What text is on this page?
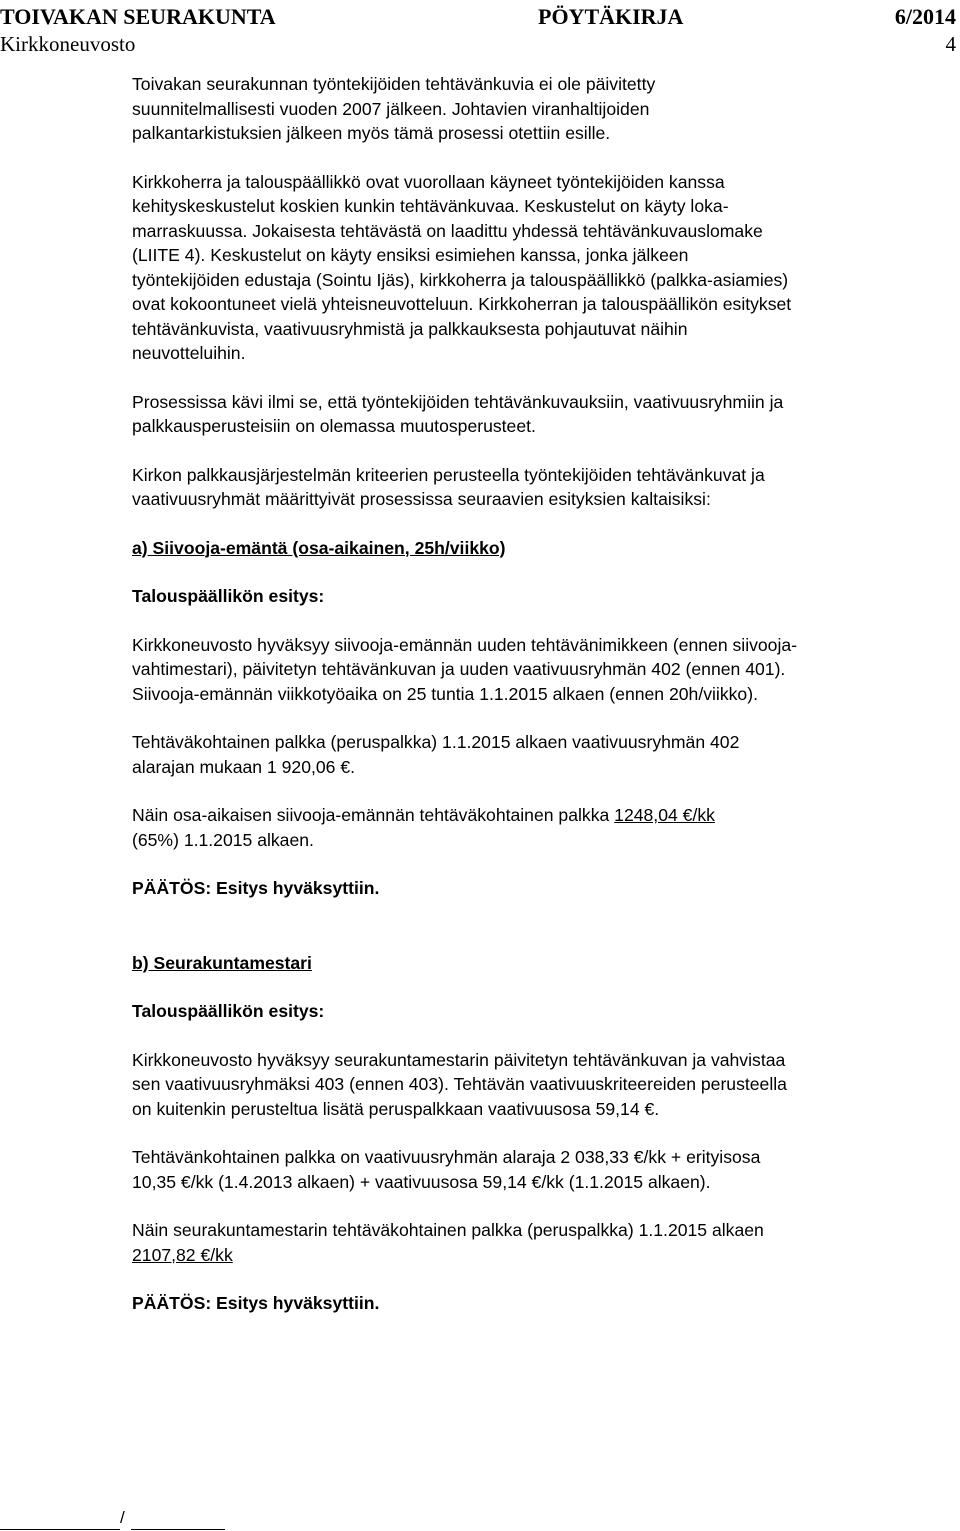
TOIVAKAN SEURAKUNTA	PÖYTÄKIRJA	6/2014
Kirkkoneuvosto	4

Toivakan seurakunnan työntekijöiden tehtävänkuvia ei ole päivitetty
suunnitelmallisesti vuoden 2007 jälkeen. Johtavien viranhaltijoiden
palkantarkistuksien jälkeen myös tämä prosessi otettiin esille.

Kirkkoherra ja talouspäällikkö ovat vuorollaan käyneet työntekijöiden kanssa
kehityskeskustelut koskien kunkin tehtävänkuvaa. Keskustelut on käyty loka-
marraskuussa. Jokaisesta tehtävästä on laadittu yhdessä tehtävänkuvauslomake
(LIITE 4). Keskustelut on käyty ensiksi esimiehen kanssa, jonka jälkeen
työntekijöiden edustaja (Sointu Ijäs), kirkkoherra ja talouspäällikkö (palkka-asiamies)
ovat kokoontuneet vielä yhteisneuvotteluun. Kirkkoherran ja talouspäällikön esitykset
tehtävänkuvista, vaativuusryhmistä ja palkkauksesta pohjautuvat näihin
neuvotteluihin.

Prosessissa kävi ilmi se, että työntekijöiden tehtävänkuvauksiin, vaativuusryhmiin ja
palkkausperusteisiin on olemassa muutosperusteet.

Kirkon palkkausjärjestelmän kriteerien perusteella työntekijöiden tehtävänkuvat ja
vaativuusryhmät määrittyivät prosessissa seuraavien esityksien kaltaisiksi:

a) Siivooja-emäntä (osa-aikainen, 25h/viikko)

Talouspäällikön esitys:

Kirkkoneuvosto hyväksyy siivooja-emännän uuden tehtävänimikkeen (ennen siivooja-
vahtimestari), päivitetyn tehtävänkuvan ja uuden vaativuusryhmän 402 (ennen 401).
Siivooja-emännän viikkotyöaika on 25 tuntia 1.1.2015 alkaen (ennen 20h/viikko).

Tehtäväkohtainen palkka (peruspalkka) 1.1.2015 alkaen vaativuusryhmän 402
alarajan mukaan 1 920,06 €.

Näin osa-aikaisen siivooja-emännän tehtäväkohtainen palkka 1248,04 €/kk
(65%) 1.1.2015 alkaen.

PÄÄTÖS: Esitys hyväksyttiin.

b) Seurakuntamestari

Talouspäällikön esitys:

Kirkkoneuvosto hyväksyy seurakuntamestarin päivitetyn tehtävänkuvan ja vahvistaa
sen vaativuusryhmäksi 403 (ennen 403). Tehtävän vaativuuskriteereiden perusteella
on kuitenkin perusteltua lisätä peruspalkkaan vaativuusosa 59,14 €.

Tehtävänkohtainen palkka on vaativuusryhmän alaraja 2 038,33 €/kk + erityisosa
10,35 €/kk (1.4.2013 alkaen) + vaativuusosa 59,14 €/kk (1.1.2015 alkaen).

Näin seurakuntamestarin tehtäväkohtainen palkka (peruspalkka) 1.1.2015 alkaen
2107,82 €/kk

PÄÄTÖS: Esitys hyväksyttiin.

/
